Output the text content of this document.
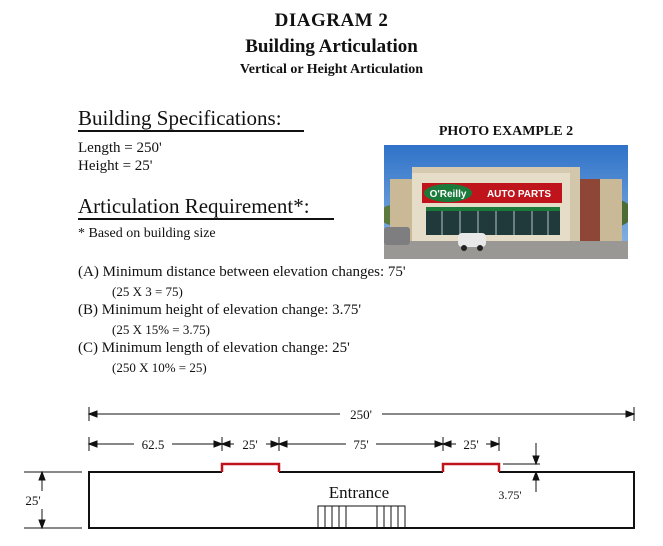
DIAGRAM 2
Building Articulation
Vertical or Height Articulation
Building Specifications:
Length = 250'
Height = 25'
Articulation Requirement*:
* Based on building size
(A) Minimum distance between elevation changes: 75'
(25 X 3 = 75)
(B) Minimum height of elevation change: 3.75'
(25 X 15% = 3.75)
(C) Minimum length of elevation change: 25'
(250 X 10% = 25)
PHOTO EXAMPLE 2
O'Reilly AUTO PARTS
250'
62.5	25'	75'	25'
25'	3.75'
Entrance
